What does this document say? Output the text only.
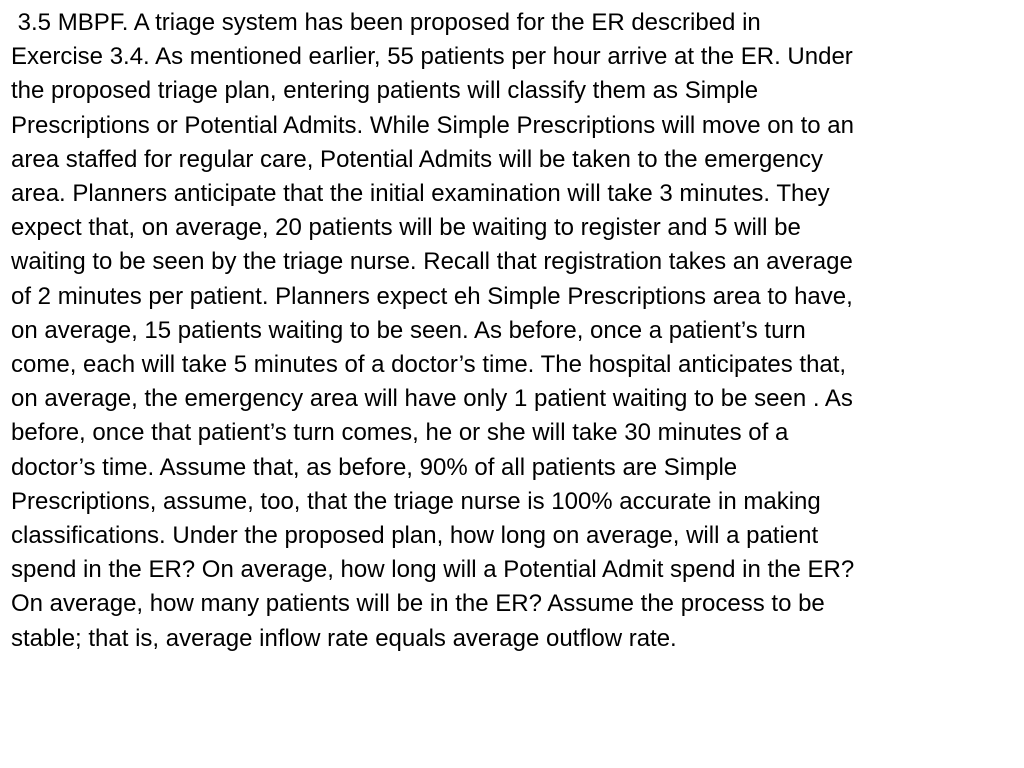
3.5 MBPF. A triage system has been proposed for the ER described in
Exercise 3.4. As mentioned earlier, 55 patients per hour arrive at the ER. Under
the proposed triage plan, entering patients will classify them as Simple
Prescriptions or Potential Admits. While Simple Prescriptions will move on to an
area staffed for regular care, Potential Admits will be taken to the emergency
area. Planners anticipate that the initial examination will take 3 minutes. They
expect that, on average, 20 patients will be waiting to register and 5 will be
waiting to be seen by the triage nurse. Recall that registration takes an average
of 2 minutes per patient. Planners expect eh Simple Prescriptions area to have,
on average, 15 patients waiting to be seen. As before, once a patient’s turn
come, each will take 5 minutes of a doctor’s time. The hospital anticipates that,
on average, the emergency area will have only 1 patient waiting to be seen . As
before, once that patient’s turn comes, he or she will take 30 minutes of a
doctor’s time. Assume that, as before, 90% of all patients are Simple
Prescriptions, assume, too, that the triage nurse is 100% accurate in making
classifications. Under the proposed plan, how long on average, will a patient
spend in the ER? On average, how long will a Potential Admit spend in the ER?
On average, how many patients will be in the ER? Assume the process to be
stable; that is, average inflow rate equals average outflow rate.
